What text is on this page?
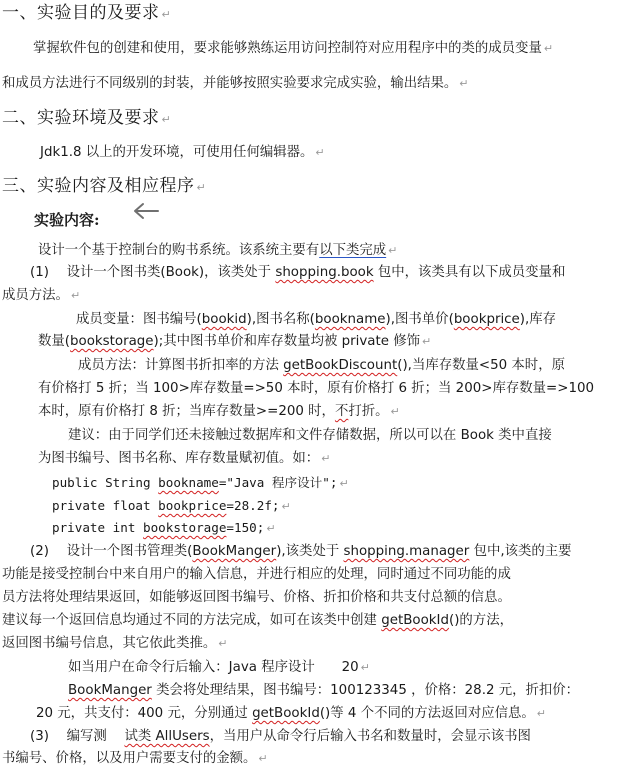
一、实验目的及要求 ↵
掌握软件包的创建和使用，要求能够熟练运用访问控制符对应用程序中的类的成员变量 ↵
和成员方法进行不同级别的封装，并能够按照实验要求完成实验，输出结果。 ↵
二、实验环境及要求 ↵
Jdk1.8 以上的开发环境，可使用任何编辑器。 ↵
三、实验内容及相应程序 ↵
实验内容:
设计一个基于控制台的购书系统。该系统主要有以下类完成 ↵
(1)　 设计一个图书类(Book)，该类处于 shopping.book 包中，该类具有以下成员变量和
成员方法。 ↵
成员变量：图书编号(bookid),图书名称(bookname),图书单价(bookprice),库存
数量(bookstorage);其中图书单价和库存数量均被 private 修饰 ↵
成员方法：计算图书折扣率的方法 getBookDiscount(),当库存数量<50 本时，原
有价格打 5 折；当 100>库存数量=>50 本时，原有价格打 6 折；当 200>库存数量=>100
本时，原有价格打 8 折；当库存数量>=200 时，不打折。 ↵
建议：由于同学们还未接触过数据库和文件存储数据，所以可以在 Book 类中直接
为图书编号、图书名称、库存数量赋初值。如： ↵
public String bookname="Java 程序设计"; ↵
private float bookprice=28.2f; ↵
private int bookstorage=150; ↵
(2)　 设计一个图书管理类(BookManger),该类处于 shopping.manager 包中,该类的主要
功能是接受控制台中来自用户的输入信息，并进行相应的处理，同时通过不同功能的成
员方法将处理结果返回，如能够返回图书编号、价格、折扣价格和共支付总额的信息。
建议每一个返回信息均通过不同的方法完成，如可在该类中创建 getBookId()的方法，
返回图书编号信息，其它依此类推。 ↵
如当用户在命令行后输入：Java 程序设计　　20 ↵
BookManger 类会将处理结果，图书编号：100123345 ，价格：28.2 元，折扣价：
20 元，共支付：400 元，分别通过 getBookId()等 4 个不同的方法返回对应信息。 ↵
(3)　 编写测　 试类 AllUsers，当用户从命令行后输入书名和数量时，会显示该书图
书编号、价格，以及用户需要支付的金额。 ↵
